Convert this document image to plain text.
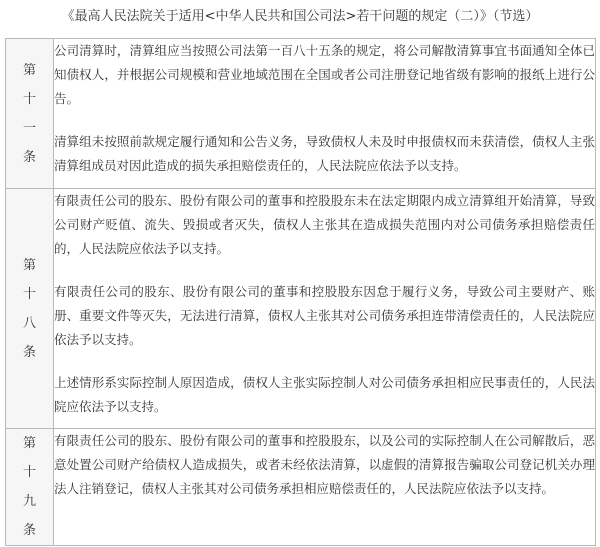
《最高人民法院关于适用<中华人民共和国公司法>若干问题的规定（二）》（节选）
第十一条	公司清算时，清算组应当按照公司法第一百八十五条的规定，将公司解散清算事宜书面通知全体已知债权人，并根据公司规模和营业地域范围在全国或者公司注册登记地省级有影响的报纸上进行公告。

清算组未按照前款规定履行通知和公告义务，导致债权人未及时申报债权而未获清偿，债权人主张清算组成员对因此造成的损失承担赔偿责任的，人民法院应依法予以支持。

第十八条	有限责任公司的股东、股份有限公司的董事和控股股东未在法定期限内成立清算组开始清算，导致公司财产贬值、流失、毁损或者灭失，债权人主张其在造成损失范围内对公司债务承担赔偿责任的，人民法院应依法予以支持。

有限责任公司的股东、股份有限公司的董事和控股股东因怠于履行义务，导致公司主要财产、账册、重要文件等灭失，无法进行清算，债权人主张其对公司债务承担连带清偿责任的，人民法院应依法予以支持。

上述情形系实际控制人原因造成，债权人主张实际控制人对公司债务承担相应民事责任的，人民法院应依法予以支持。

第十九条	有限责任公司的股东、股份有限公司的董事和控股股东，以及公司的实际控制人在公司解散后，恶意处置公司财产给债权人造成损失，或者未经依法清算，以虚假的清算报告骗取公司登记机关办理法人注销登记，债权人主张其对公司债务承担相应赔偿责任的，人民法院应依法予以支持。
